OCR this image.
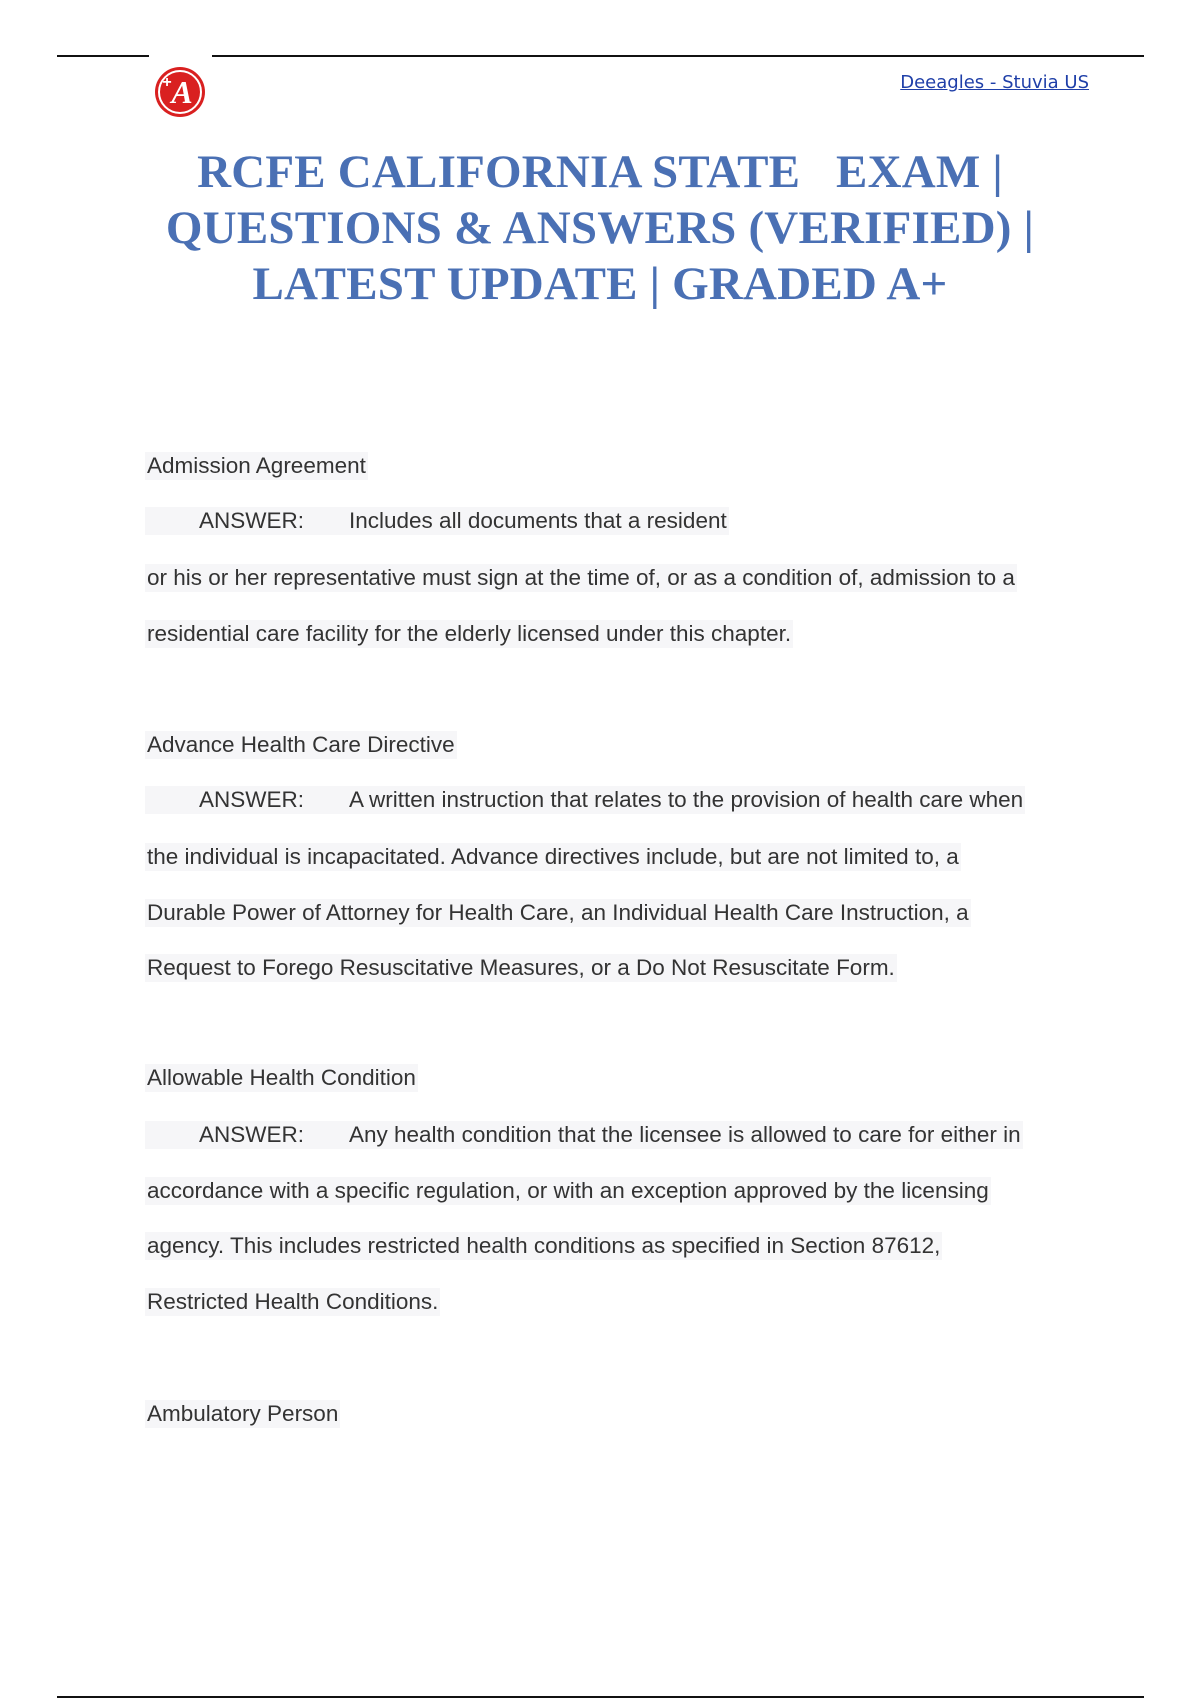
A
+	Deeagles - Stuvia US
RCFE CALIFORNIA STATE   EXAM |
QUESTIONS & ANSWERS (VERIFIED) |
LATEST UPDATE | GRADED A+
Admission Agreement
ANSWER: Includes all documents that a resident
or his or her representative must sign at the time of, or as a condition of, admission to a
residential care facility for the elderly licensed under this chapter.
Advance Health Care Directive
ANSWER: A written instruction that relates to the provision of health care when
the individual is incapacitated. Advance directives include, but are not limited to, a
Durable Power of Attorney for Health Care, an Individual Health Care Instruction, a
Request to Forego Resuscitative Measures, or a Do Not Resuscitate Form.
Allowable Health Condition
ANSWER: Any health condition that the licensee is allowed to care for either in
accordance with a specific regulation, or with an exception approved by the licensing
agency. This includes restricted health conditions as specified in Section 87612,
Restricted Health Conditions.
Ambulatory Person
